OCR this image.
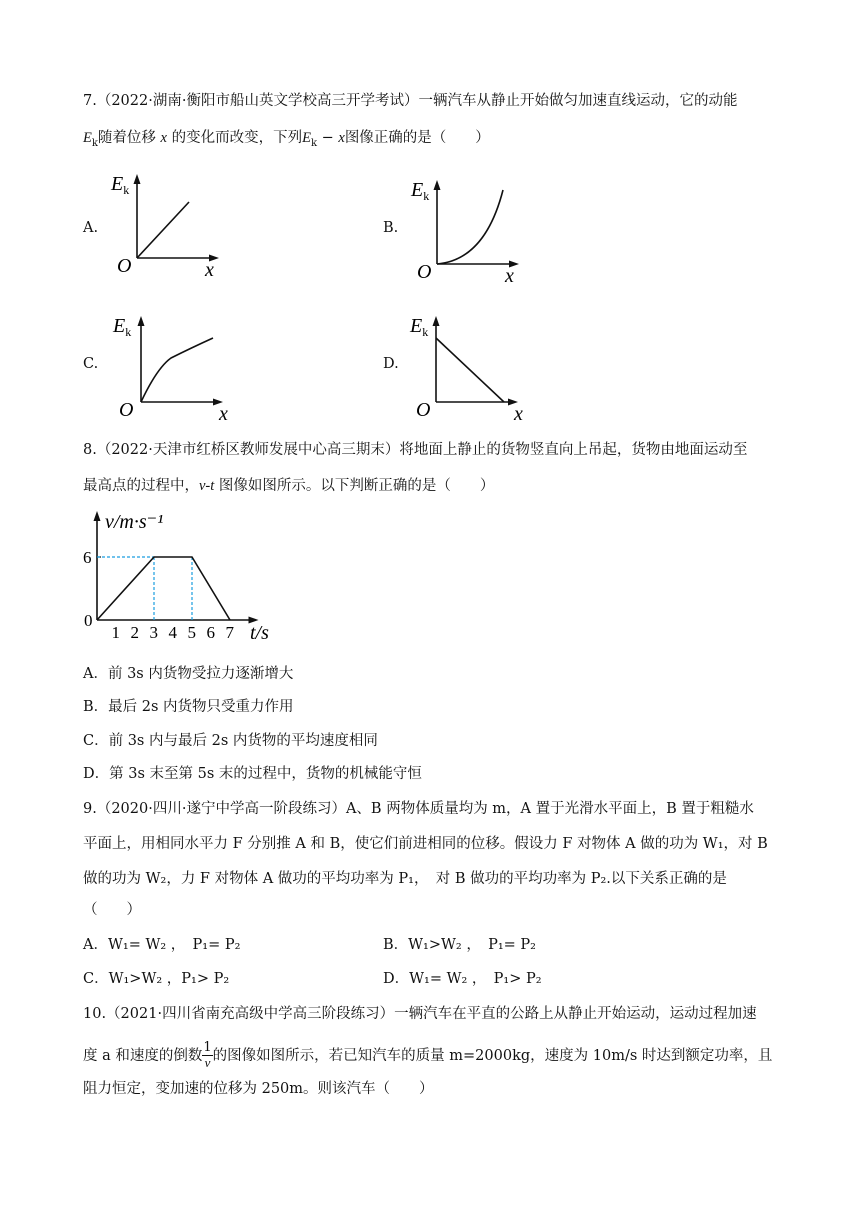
7.（2022·湖南·衡阳市船山英文学校高三开学考试）一辆汽车从静止开始做匀加速直线运动，它的动能
$E_k$随着位移 x 的变化而改变，下列$E_k - x$图像正确的是（　　）
A.	B.
C.	D.
$E_k$
x
O
$E_k$
x
O
$E_k$
x
O
$E_k$
x
O
8.（2022·天津市红桥区教师发展中心高三期末）将地面上静止的货物竖直向上吊起，货物由地面运动至
最高点的过程中，v-t 图像如图所示。以下判断正确的是（　　）
1 2 3 4 5 6 7
6
v/m·s⁻¹
t/s
0
A．前 3s 内货物受拉力逐渐增大
B．最后 2s 内货物只受重力作用
C．前 3s 内与最后 2s 内货物的平均速度相同
D．第 3s 末至第 5s 末的过程中，货物的机械能守恒
9.（2020·四川·遂宁中学高一阶段练习）A、B 两物体质量均为 m，A 置于光滑水平面上，B 置于粗糙水
平面上，用相同水平力 F 分别推 A 和 B，使它们前进相同的位移。假设力 F 对物体 A 做的功为 W₁，对 B
做的功为 W₂，力 F 对物体 A 做功的平均功率为 P₁，　对 B 做功的平均功率为 P₂.以下关系正确的是
（　　）
A．W₁= W₂ ，　P₁= P₂	B．W₁>W₂ ，　P₁= P₂
C．W₁>W₂ ，P₁> P₂	D．W₁= W₂ ，　P₁> P₂
10.（2021·四川省南充高级中学高三阶段练习）一辆汽车在平直的公路上从静止开始运动，运动过程加速
度 a 和速度的倒数 $\frac{1}{v}$ 的图像如图所示，若已知汽车的质量 m=2000kg，速度为 10m/s 时达到额定功率，且
阻力恒定，变加速的位移为 250m。则该汽车（　　）
